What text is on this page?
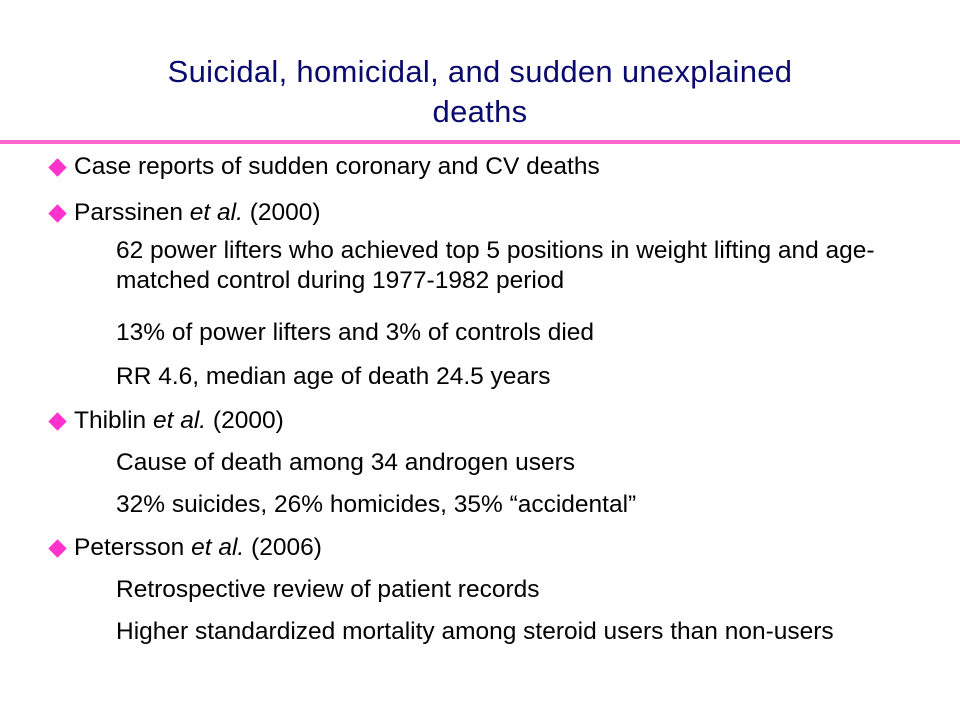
Suicidal, homicidal, and sudden unexplained
deaths
Case reports of sudden coronary and CV deaths
Parssinen et al. (2000)
62 power lifters who achieved top 5 positions in weight lifting and age-matched control during 1977-1982 period
13% of power lifters and 3% of controls died
RR 4.6, median age of death 24.5 years
Thiblin et al. (2000)
Cause of death among 34 androgen users
32% suicides, 26% homicides, 35% “accidental”
Petersson et al. (2006)
Retrospective review of patient records
Higher standardized mortality among steroid users than non-users
